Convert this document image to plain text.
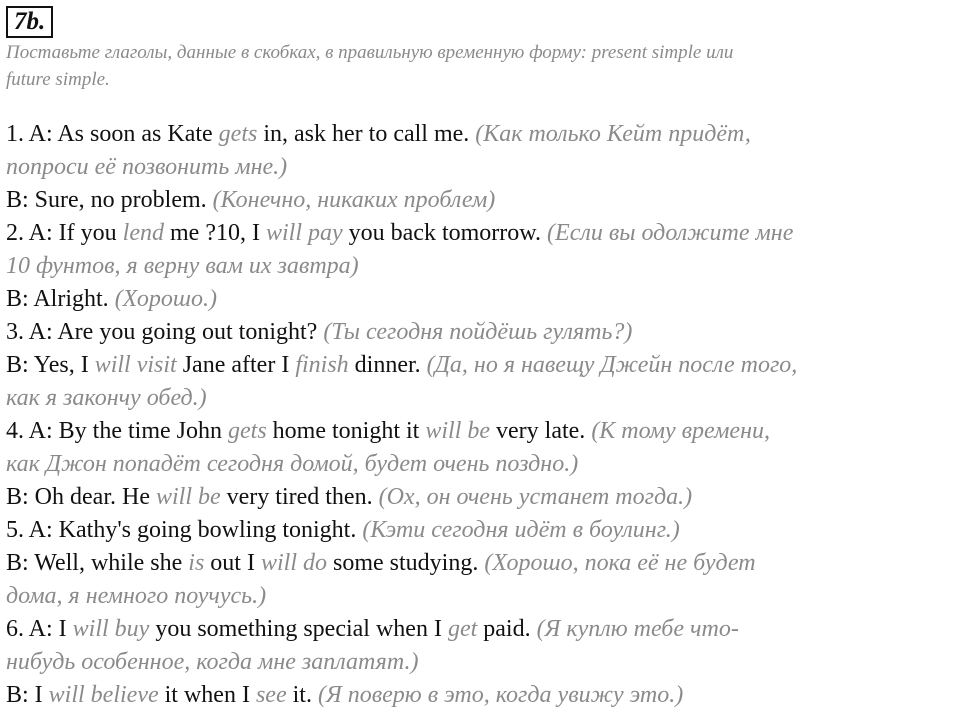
7b.
Поставьте глаголы, данные в скобках, в правильную временную форму: present simple или
future simple.
1. A: As soon as Kate gets in, ask her to call me. (Как только Кейт придёт,
попроси её позвонить мне.)
B: Sure, no problem. (Конечно, никаких проблем)
2. A: If you lend me ?10, I will pay you back tomorrow. (Если вы одолжите мне
10 фунтов, я верну вам их завтра)
B: Alright. (Хорошо.)
3. A: Are you going out tonight? (Ты сегодня пойдёшь гулять?)
B: Yes, I will visit Jane after I finish dinner. (Да, но я навещу Джейн после того,
как я закончу обед.)
4. A: By the time John gets home tonight it will be very late. (К тому времени,
как Джон попадёт сегодня домой, будет очень поздно.)
B: Oh dear. He will be very tired then. (Ох, он очень устанет тогда.)
5. A: Kathy's going bowling tonight. (Кэти сегодня идёт в боулинг.)
B: Well, while she is out I will do some studying. (Хорошо, пока её не будет
дома, я немного поучусь.)
6. A: I will buy you something special when I get paid. (Я куплю тебе что-
нибудь особенное, когда мне заплатят.)
B: I will believe it when I see it. (Я поверю в это, когда увижу это.)
